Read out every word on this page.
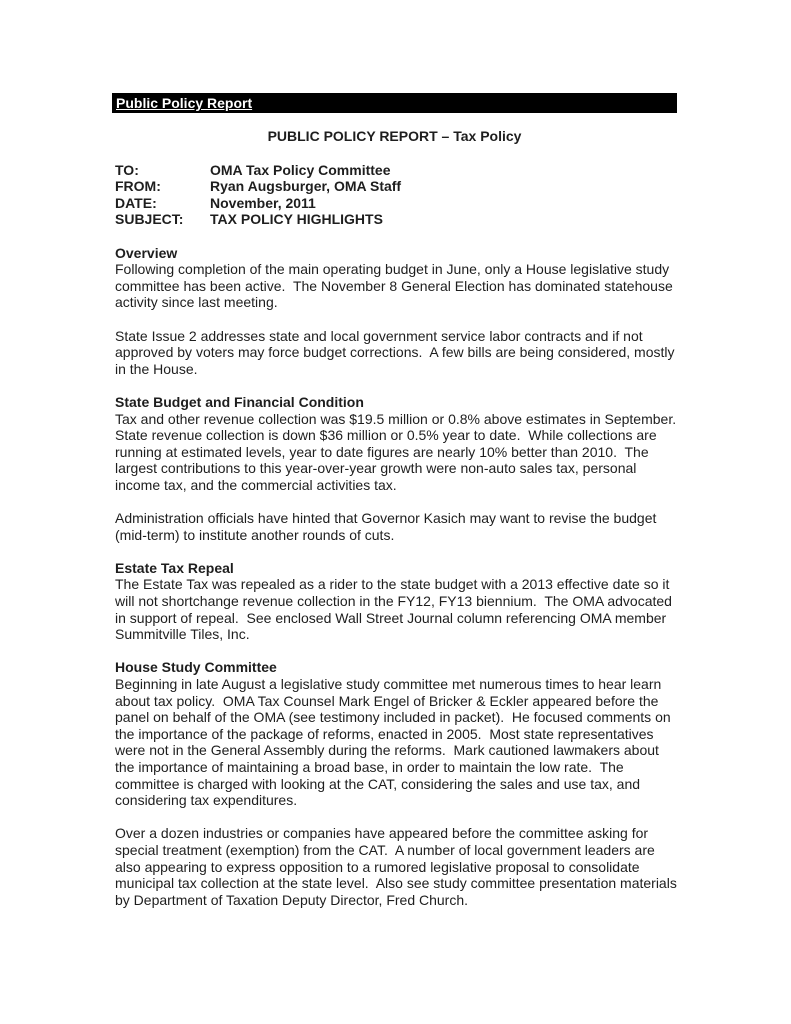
Public Policy Report
PUBLIC POLICY REPORT – Tax Policy
TO:	OMA Tax Policy Committee
FROM:	Ryan Augsburger, OMA Staff
DATE:	November, 2011
SUBJECT:	TAX POLICY HIGHLIGHTS
Overview

Following completion of the main operating budget in June, only a House legislative study committee has been active.  The November 8 General Election has dominated statehouse activity since last meeting.

State Issue 2 addresses state and local government service labor contracts and if not approved by voters may force budget corrections.  A few bills are being considered, mostly in the House.

State Budget and Financial Condition

Tax and other revenue collection was $19.5 million or 0.8% above estimates in September.  State revenue collection is down $36 million or 0.5% year to date.  While collections are running at estimated levels, year to date figures are nearly 10% better than 2010.  The largest contributions to this year-over-year growth were non-auto sales tax, personal income tax, and the commercial activities tax.

Administration officials have hinted that Governor Kasich may want to revise the budget (mid-term) to institute another rounds of cuts.

Estate Tax Repeal

The Estate Tax was repealed as a rider to the state budget with a 2013 effective date so it will not shortchange revenue collection in the FY12, FY13 biennium.  The OMA advocated in support of repeal.  See enclosed Wall Street Journal column referencing OMA member Summitville Tiles, Inc.

House Study Committee

Beginning in late August a legislative study committee met numerous times to hear learn about tax policy.  OMA Tax Counsel Mark Engel of Bricker & Eckler appeared before the panel on behalf of the OMA (see testimony included in packet).  He focused comments on the importance of the package of reforms, enacted in 2005.  Most state representatives were not in the General Assembly during the reforms.  Mark cautioned lawmakers about the importance of maintaining a broad base, in order to maintain the low rate.  The committee is charged with looking at the CAT, considering the sales and use tax, and considering tax expenditures.

Over a dozen industries or companies have appeared before the committee asking for special treatment (exemption) from the CAT.  A number of local government leaders are also appearing to express opposition to a rumored legislative proposal to consolidate municipal tax collection at the state level.  Also see study committee presentation materials by Department of Taxation Deputy Director, Fred Church.
